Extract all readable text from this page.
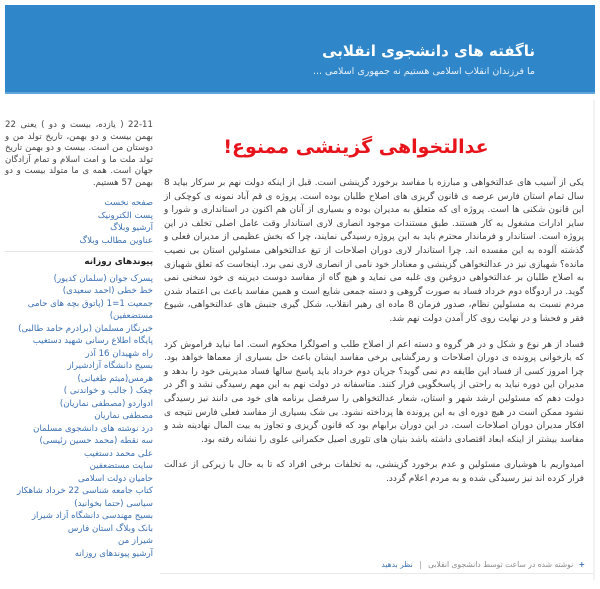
ناگفته های دانشجوی انقلابی
ما فرزندان انقلاب اسلامی هستیم نه جمهوری اسلامی ...
22-11 ( یازده، بیست و دو ) یعنی 22 بهمن بیست و دو بهمن، تاریخ تولد من و دوستان من است. بیست و دو بهمن تاریخ تولد ملت ما و امت اسلام و تمام آزادگان جهان است. همه ی ما متولد بیست و دو بهمن 57 هستیم.
صفحه نخست
پست الکترونیک
آرشیو وبلاگ
عناوین مطالب وبلاگ
پیوندهای روزانه
پسرک جوان (سلمان کدیور)
خط خطی (احمد سعیدی)
جمعیت 1=1 (پاتوق بچه های حامی مستضعفین)
خبرنگار مسلمان (برادرم حامد طالبی)
پایگاه اطلاع رسانی شهید دستغیب
راه شهیدان 16 آذر
بسیج دانشگاه آزادشیراز
هرمس(میثم طغیانی)
چغک ( جالب و خواندنی )
ادواردو (مصطفی نماریان)
مصطفی نماریان
درد نوشته های دانشجوی مسلمان
سه نقطه (محمد حسین رئیسی)
علی محمد دستغیب
سایت مستضعفین
حامیان دولت اسلامی
کتاب جامعه شناسی 22 خرداد شاهکار سیاسی (حتما بخوانید)
بسیج مهندسی دانشگاه آزاد شیراز
بانک وبلاگ استان فارس
شیراز من
آرشیو پیوندهای روزانه
عدالتخواهی گزینشی ممنوع!

یکی از آسیب های عدالتخواهی و مبارزه با مفاسد برخورد گزینشی است. قبل از اینکه دولت نهم بر سرکار بیاید 8 سال تمام استان فارس عرصه ی قانون گریزی های اصلاح طلبان بوده است. پروژه ی قم آباد نمونه ی کوچکی از این قانون شکنی ها است. پروژه ای که متعلق به مدیران بوده و بسیاری از آنان هم اکنون در استانداری و شورا و سایر ادارات مشغول به کار هستند. طبق مستندات موجود انصاری لاری استاندار وقت عامل اصلی تخلف در این پروژه است. استاندار و فرماندار محترم باید به این پروژه رسیدگی نمایند، چرا که بخش عظیمی از مدیران فعلی و گذشته آلوده به این مفسده اند. چرا استاندار لاری دوران اصلاحات از تیغ عدالتخواهی مسئولین استان بی نصیب مانده؟ شهبازی نیز در عدالتخواهی گزینشی و معنادار خود نامی از انصاری لاری نمی برد. اینجاست که تعلق شهبازی به اصلاح طلبان بر عدالتخواهی دروغین وی غلبه می نماید و هیچ گاه از مفاسد دوست دیرینه ی خود سخنی نمی گوید. در اردوگاه دوم خرداد فساد به صورت گروهی و دسته جمعی شایع است و همین مفاسد باعث بی اعتماد شدن مردم نسبت به مسئولین نظام، صدور فرمان 8 ماده ای رهبر انقلاب، شکل گیری جنبش های عدالتخواهی، شیوع فقر و فحشا و در نهایت روی کار آمدن دولت نهم شد.

فساد از هر نوع و شکل و در هر گروه و دسته اعم از اصلاح طلب و اصولگرا محکوم است. اما نباید فراموش کرد که بازخوانی پرونده ی دوران اصلاحات و رمزگشایی برخی مفاسد ایشان باعث حل بسیاری از معماها خواهد بود. چرا امروز کسی از فساد این طایفه دم نمی گوید؟ جریان دوم خرداد باید پاسخ سالها فساد مدیریتی خود را بدهد و مدیران این دوره نباید به راحتی از پاسخگویی فرار کنند. متاسفانه در دولت نهم به این مهم رسیدگی نشد و اگر در دولت دهم که مسئولین ارشد شهر و استان، شعار عدالتخواهی را سرفصل برنامه های خود می دانند نیز رسیدگی نشود ممکن است در هیچ دوره ای به این پرونده ها پرداخته نشود. بی شک بسیاری از مفاسد فعلی فارس نتیجه ی افکار مدیران دوران اصلاحات است. در این دوران برابهام بود که قانون گریزی و تجاوز به بیت المال نهادینه شد و مفاسد بیشتر از اینکه ابعاد اقتصادی داشته باشد بنیان های تئوری اصیل حکمرانی علوی را نشانه رفته بود.

امیدواریم با هوشیاری مسئولین و عدم برخورد گزینشی، به تخلفات برخی افراد که تا به حال با زیرکی از عدالت فرار کرده اند نیز رسیدگی شده و به مردم اعلام گردد.

+ نوشته شده در ساعت توسط دانشجوی انقلابی | نظر بدهید
